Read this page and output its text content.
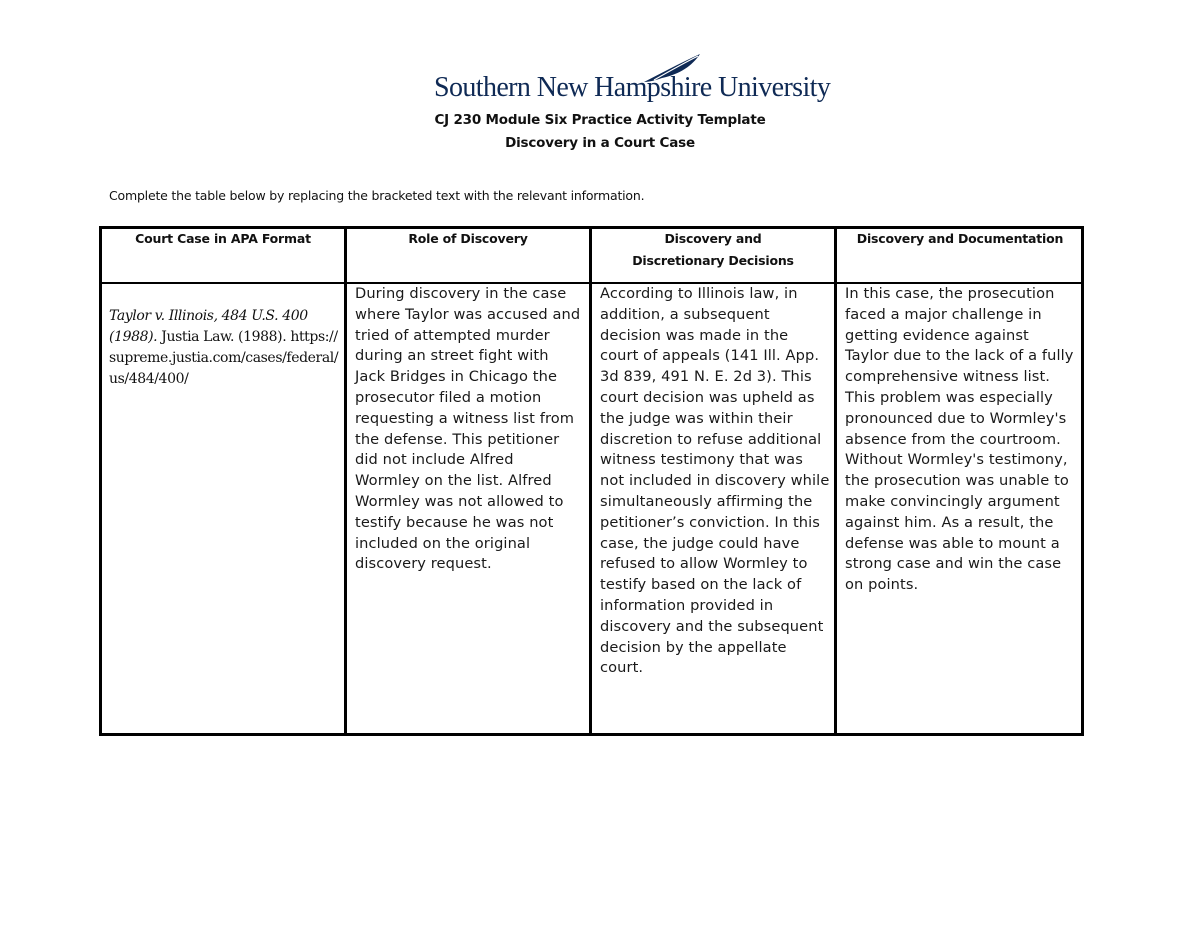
Southern New Hampshire University
CJ 230 Module Six Practice Activity Template
Discovery in a Court Case
Complete the table below by replacing the bracketed text with the relevant information.
Court Case in APA Format	Role of Discovery	Discovery and
Discretionary Decisions
Discovery and Documentation
Taylor v. Illinois, 484 U.S. 400 (1988). Justia Law. (1988). https://supreme.justia.com/cases/federal/us/484/400/
During discovery in the case where Taylor was accused and tried of attempted murder during an street fight with Jack Bridges in Chicago the prosecutor filed a motion requesting a witness list from the defense. This petitioner did not include Alfred Wormley on the list. Alfred Wormley was not allowed to testify because he was not included on the original discovery request.
According to Illinois law, in addition, a subsequent decision was made in the court of appeals (141 Ill. App. 3d 839, 491 N. E. 2d 3). This court decision was upheld as the judge was within their discretion to refuse additional witness testimony that was not included in discovery while simultaneously affirming the petitioner’s conviction. In this case, the judge could have refused to allow Wormley to testify based on the lack of information provided in discovery and the subsequent decision by the appellate court.
In this case, the prosecution faced a major challenge in getting evidence against Taylor due to the lack of a fully comprehensive witness list. This problem was especially pronounced due to Wormley's absence from the courtroom. Without Wormley's testimony, the prosecution was unable to make convincingly argument against him. As a result, the defense was able to mount a strong case and win the case on points.
